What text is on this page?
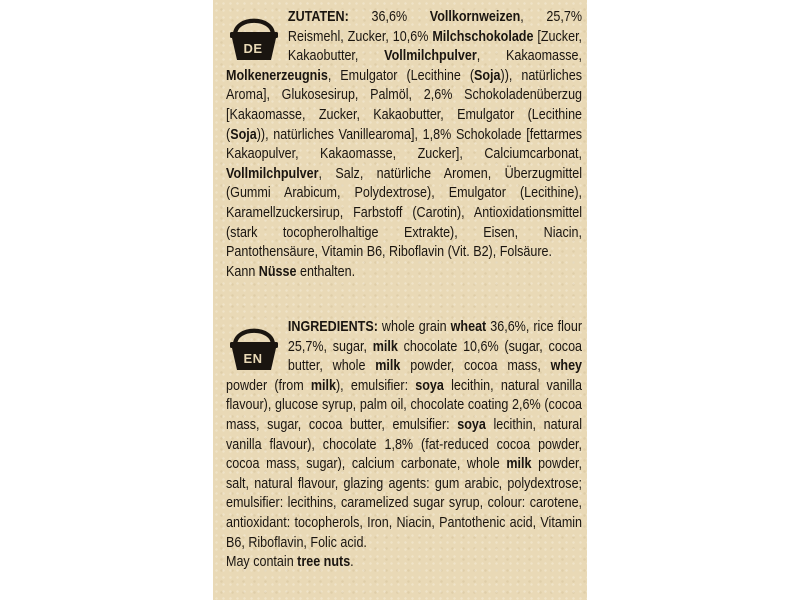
DE
ZUTATEN: 36,6% Vollkornweizen, 25,7% Reismehl, Zucker, 10,6% Milchschokolade [Zucker, Kakaobutter, Vollmilchpulver, Kakaomasse, Molkenerzeugnis, Emulgator (Lecithine (Soja)), natürliches Aroma], Glukosesirup, Palmöl, 2,6% Schokoladenüberzug [Kakaomasse, Zucker, Kakaobutter, Emulgator (Lecithine (Soja)), natürliches Vanillearoma], 1,8% Schokolade [fettarmes Kakaopulver, Kakaomasse, Zucker], Calciumcarbonat, Vollmilchpulver, Salz, natürliche Aromen, Überzugmittel (Gummi Arabicum, Polydextrose), Emulgator (Lecithine), Karamellzuckersirup, Farbstoff (Carotin), Antioxidationsmittel (stark tocopherolhaltige Extrakte), Eisen, Niacin, Pantothensäure, Vitamin B6, Riboflavin (Vit. B2), Folsäure.

Kann Nüsse enthalten.

EN
INGREDIENTS: whole grain wheat 36,6%, rice flour 25,7%, sugar, milk chocolate 10,6% (sugar, cocoa butter, whole milk powder, cocoa mass, whey powder (from milk), emulsifier: soya lecithin, natural vanilla flavour), glucose syrup, palm oil, chocolate coating 2,6% (cocoa mass, sugar, cocoa butter, emulsifier: soya lecithin, natural vanilla flavour), chocolate 1,8% (fat-reduced cocoa powder, cocoa mass, sugar), calcium carbonate, whole milk powder, salt, natural flavour, glazing agents: gum arabic, polydextrose; emulsifier: lecithins, caramelized sugar syrup, colour: carotene, antioxidant: tocopherols, Iron, Niacin, Pantothenic acid, Vitamin B6, Riboflavin, Folic acid.

May contain tree nuts.
